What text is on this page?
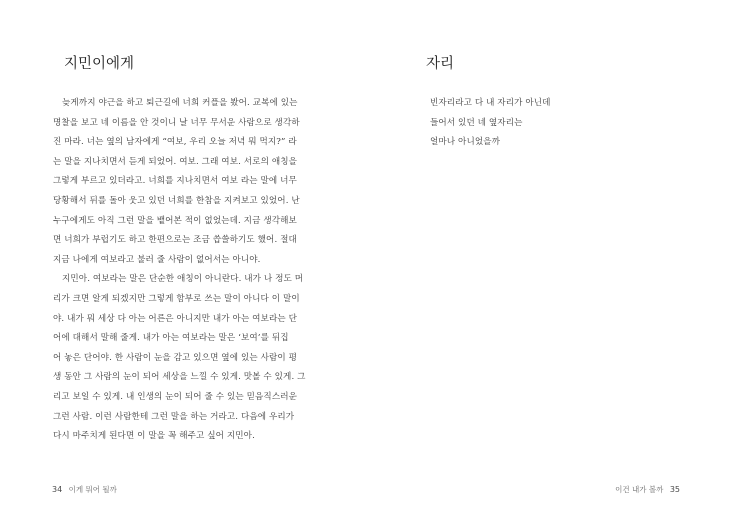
지민이에게
늦게까지 야근을 하고 퇴근길에 너희 커플을 봤어. 교복에 있는
명찰을 보고 네 이름을 안 것이니 날 너무 무서운 사람으로 생각하
진 마라. 너는 옆의 남자에게 “여보, 우리 오늘 저녁 뭐 먹지?” 라
는 말을 지나치면서 듣게 되었어. 여보. 그래 여보. 서로의 애칭을
그렇게 부르고 있더라고. 너희를 지나치면서 여보 라는 말에 너무
당황해서 뒤를 돌아 웃고 있던 너희를 한참을 지켜보고 있었어. 난
누구에게도 아직 그런 말을 뱉어본 적이 없었는데. 지금 생각해보
면 너희가 부럽기도 하고 한편으로는 조금 씁쓸하기도 했어. 절대
지금 나에게 여보라고 불러 줄 사람이 없어서는 아니야.
지민아. 여보라는 말은 단순한 애칭이 아니란다. 내가 나 정도 머
리가 크면 알게 되겠지만 그렇게 함부로 쓰는 말이 아니다 이 말이
야. 내가 뭐 세상 다 아는 어른은 아니지만 내가 아는 여보라는 단
어에 대해서 말해 줄게. 내가 아는 여보라는 말은 ‘보여’를 뒤집
어 놓은 단어야. 한 사람이 눈을 감고 있으면 옆에 있는 사람이 평
생 동안 그 사람의 눈이 되어 세상을 느낄 수 있게. 맛볼 수 있게. 그
리고 보일 수 있게. 내 인생의 눈이 되어 줄 수 있는 믿음직스러운
그런 사람. 이런 사람한테 그런 말을 하는 거라고. 다음에 우리가
다시 마주치게 된다면 이 말을 꼭 해주고 싶어 지민아.
34 이게 뭐어 될까
자리
빈자리라고 다 내 자리가 아닌데
들어서 있던 네 옆자리는
얼마나 아니었을까
이건 내가 볼까 35
